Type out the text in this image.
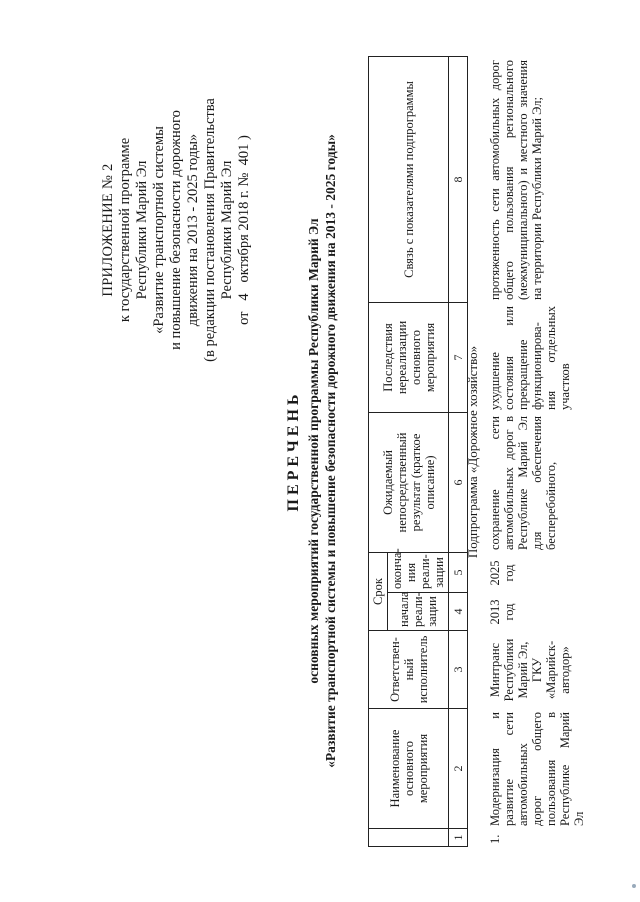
ПРИЛОЖЕНИЕ № 2 к государственной программе Республики Марий Эл «Развитие транспортной системы и повышение безопасности дорожного движения на 2013 - 2025 годы» (в редакции постановления Правительства Республики Марий Эл
от   4   октября 2018 г. №  401 )
ПЕРЕЧЕНЬ основных мероприятий государственной программы Республики Марий Эл «Развитие транспортной системы и повышение безопасности дорожного движения на 2013 - 2025 годы»
	Наименование основного мероприятия	Ответствен-ный исполнитель	Срок		Ожидаемый непосредственный результат (краткое описание)	Последствия нереализации основного мероприятия	Связь с показателями подпрограммы
			начала реали-зации	оконча-ния реали-зации			
1	2	3	4	5	6	7	8
Подпрограмма «Дорожное хозяйство»
1.	Модернизация и развитие сети автомобильных дорог общего пользования в Республике Марий Эл	Минтранс Республики Марий Эл, ГКУ «Марийск-автодор»	2013 год	2025 год	сохранение сети автомобильных дорог в Республике Марий Эл для обеспечения бесперебойного,	ухудшение состояния или прекращение функционирова-ния отдельных участков	протяженность сети автомобильных дорог общего пользования регионального (межмуниципального) и местного значения на территории Республики Марий Эл;
